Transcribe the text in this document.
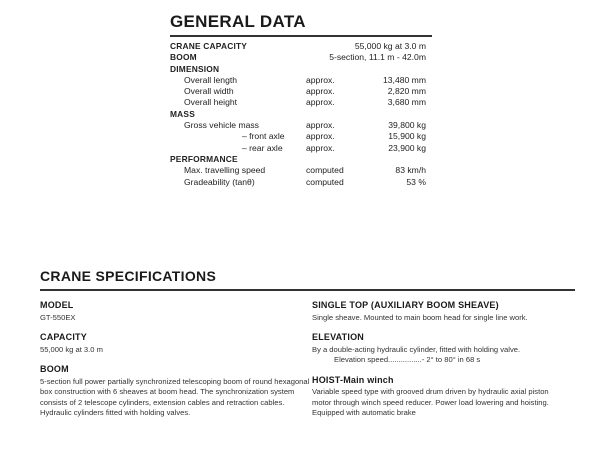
GENERAL DATA
CRANE CAPACITY	55,000 kg at 3.0 m
BOOM	5-section, 11.1 m - 42.0m
DIMENSION
Overall length	approx.	13,480 mm
Overall width	approx.	2,820 mm
Overall height	approx.	3,680 mm
MASS
Gross vehicle mass	approx.	39,800 kg
– front axle approx.	15,900 kg
– rear axle	approx.	23,900 kg
PERFORMANCE
Max. travelling speed	computed	83 km/h
Gradeability (tanθ)	computed	53 %
CRANE SPECIFICATIONS
MODEL
GT-550EX
CAPACITY
55,000 kg at 3.0 m
BOOM
5-section full power partially synchronized telescoping boom of round hexagonal box construction with 6 sheaves at boom head. The synchronization system consists of 2 telescope cylinders, extension cables and retraction cables. Hydraulic cylinders fitted with holding valves.
SINGLE TOP (AUXILIARY BOOM SHEAVE)
Single sheave. Mounted to main boom head for single line work.
ELEVATION
By a double-acting hydraulic cylinder, fitted with holding valve.
Elevation speed................- 2° to 80° in 68 s
HOIST-Main winch
Variable speed type with grooved drum driven by hydraulic axial piston motor through winch speed reducer. Power load lowering and hoisting. Equipped with automatic brake
